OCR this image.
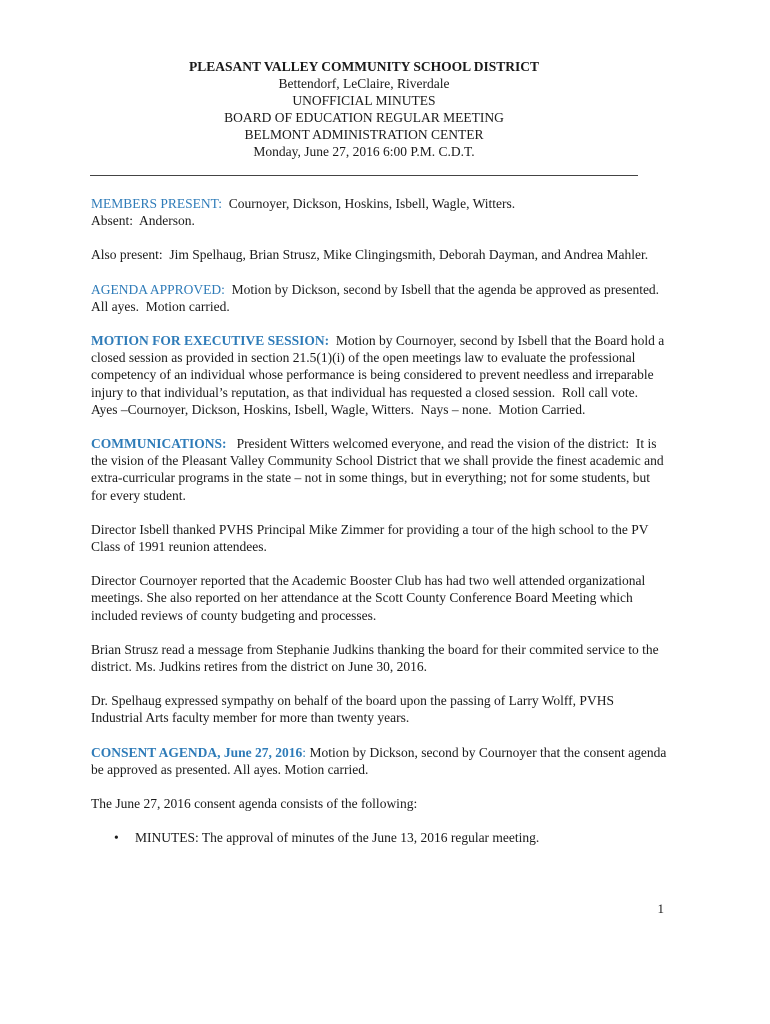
PLEASANT VALLEY COMMUNITY SCHOOL DISTRICT
Bettendorf, LeClaire, Riverdale
UNOFFICIAL MINUTES
BOARD OF EDUCATION REGULAR MEETING
BELMONT ADMINISTRATION CENTER
Monday, June 27, 2016 6:00 P.M. C.D.T.

MEMBERS PRESENT:  Cournoyer, Dickson, Hoskins, Isbell, Wagle, Witters.
Absent:  Anderson.

Also present:  Jim Spelhaug, Brian Strusz, Mike Clingingsmith, Deborah Dayman, and Andrea Mahler.

AGENDA APPROVED:  Motion by Dickson, second by Isbell that the agenda be approved as presented.  All ayes.  Motion carried.

MOTION FOR EXECUTIVE SESSION:  Motion by Cournoyer, second by Isbell that the Board hold a closed session as provided in section 21.5(1)(i) of the open meetings law to evaluate the professional competency of an individual whose performance is being considered to prevent needless and irreparable injury to that individual’s reputation, as that individual has requested a closed session.  Roll call vote.  Ayes –Cournoyer, Dickson, Hoskins, Isbell, Wagle, Witters.  Nays – none.  Motion Carried.

COMMUNICATIONS:   President Witters welcomed everyone, and read the vision of the district:  It is the vision of the Pleasant Valley Community School District that we shall provide the finest academic and extra-curricular programs in the state – not in some things, but in everything; not for some students, but for every student.

Director Isbell thanked PVHS Principal Mike Zimmer for providing a tour of the high school to the PV Class of 1991 reunion attendees.

Director Cournoyer reported that the Academic Booster Club has had two well attended organizational meetings. She also reported on her attendance at the Scott County Conference Board Meeting which included reviews of county budgeting and processes.

Brian Strusz read a message from Stephanie Judkins thanking the board for their commited service to the district. Ms. Judkins retires from the district on June 30, 2016.

Dr. Spelhaug expressed sympathy on behalf of the board upon the passing of Larry Wolff, PVHS Industrial Arts faculty member for more than twenty years.

CONSENT AGENDA, June 27, 2016: Motion by Dickson, second by Cournoyer that the consent agenda be approved as presented. All ayes. Motion carried.

The June 27, 2016 consent agenda consists of the following:

• MINUTES: The approval of minutes of the June 13, 2016 regular meeting.
1
